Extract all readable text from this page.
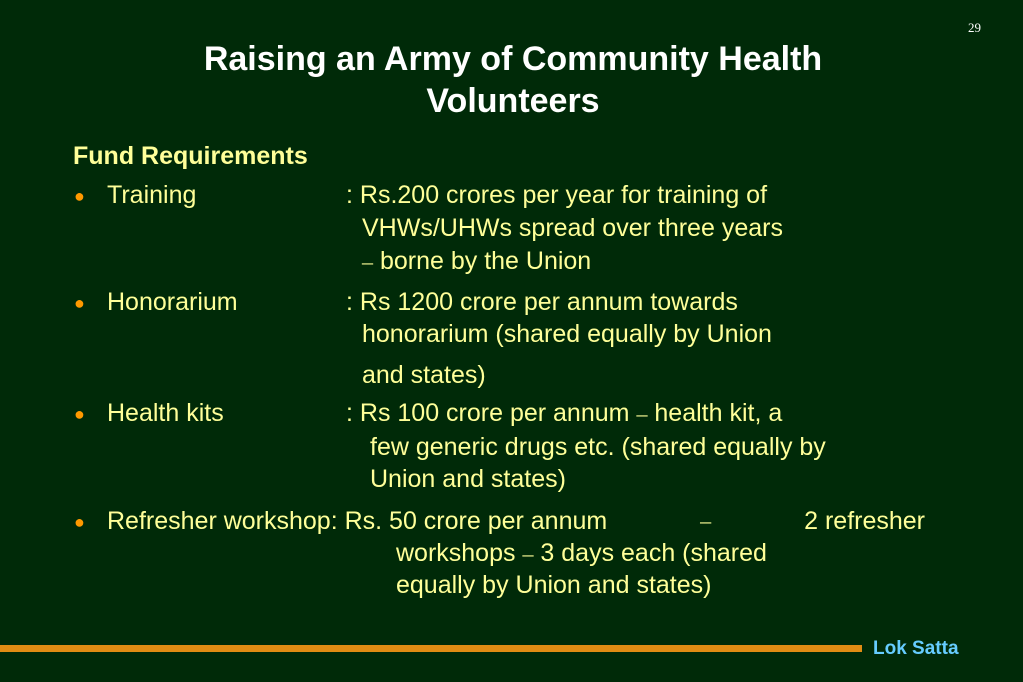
29
Raising an Army of Community Health
Volunteers
Fund Requirements
● Training	: Rs.200 crores per year for training of
VHWs/UHWs spread over three years
– borne by the Union
● Honorarium	: Rs 1200 crore per annum towards
honorarium (shared equally by Union
and states)
● Health kits	: Rs 100 crore per annum – health kit, a
few generic drugs etc. (shared equally by
Union and states)
● Refresher workshop: Rs. 50 crore per annum	–	2 refresher
workshops – 3 days each (shared
equally by Union and states)
Lok Satta
